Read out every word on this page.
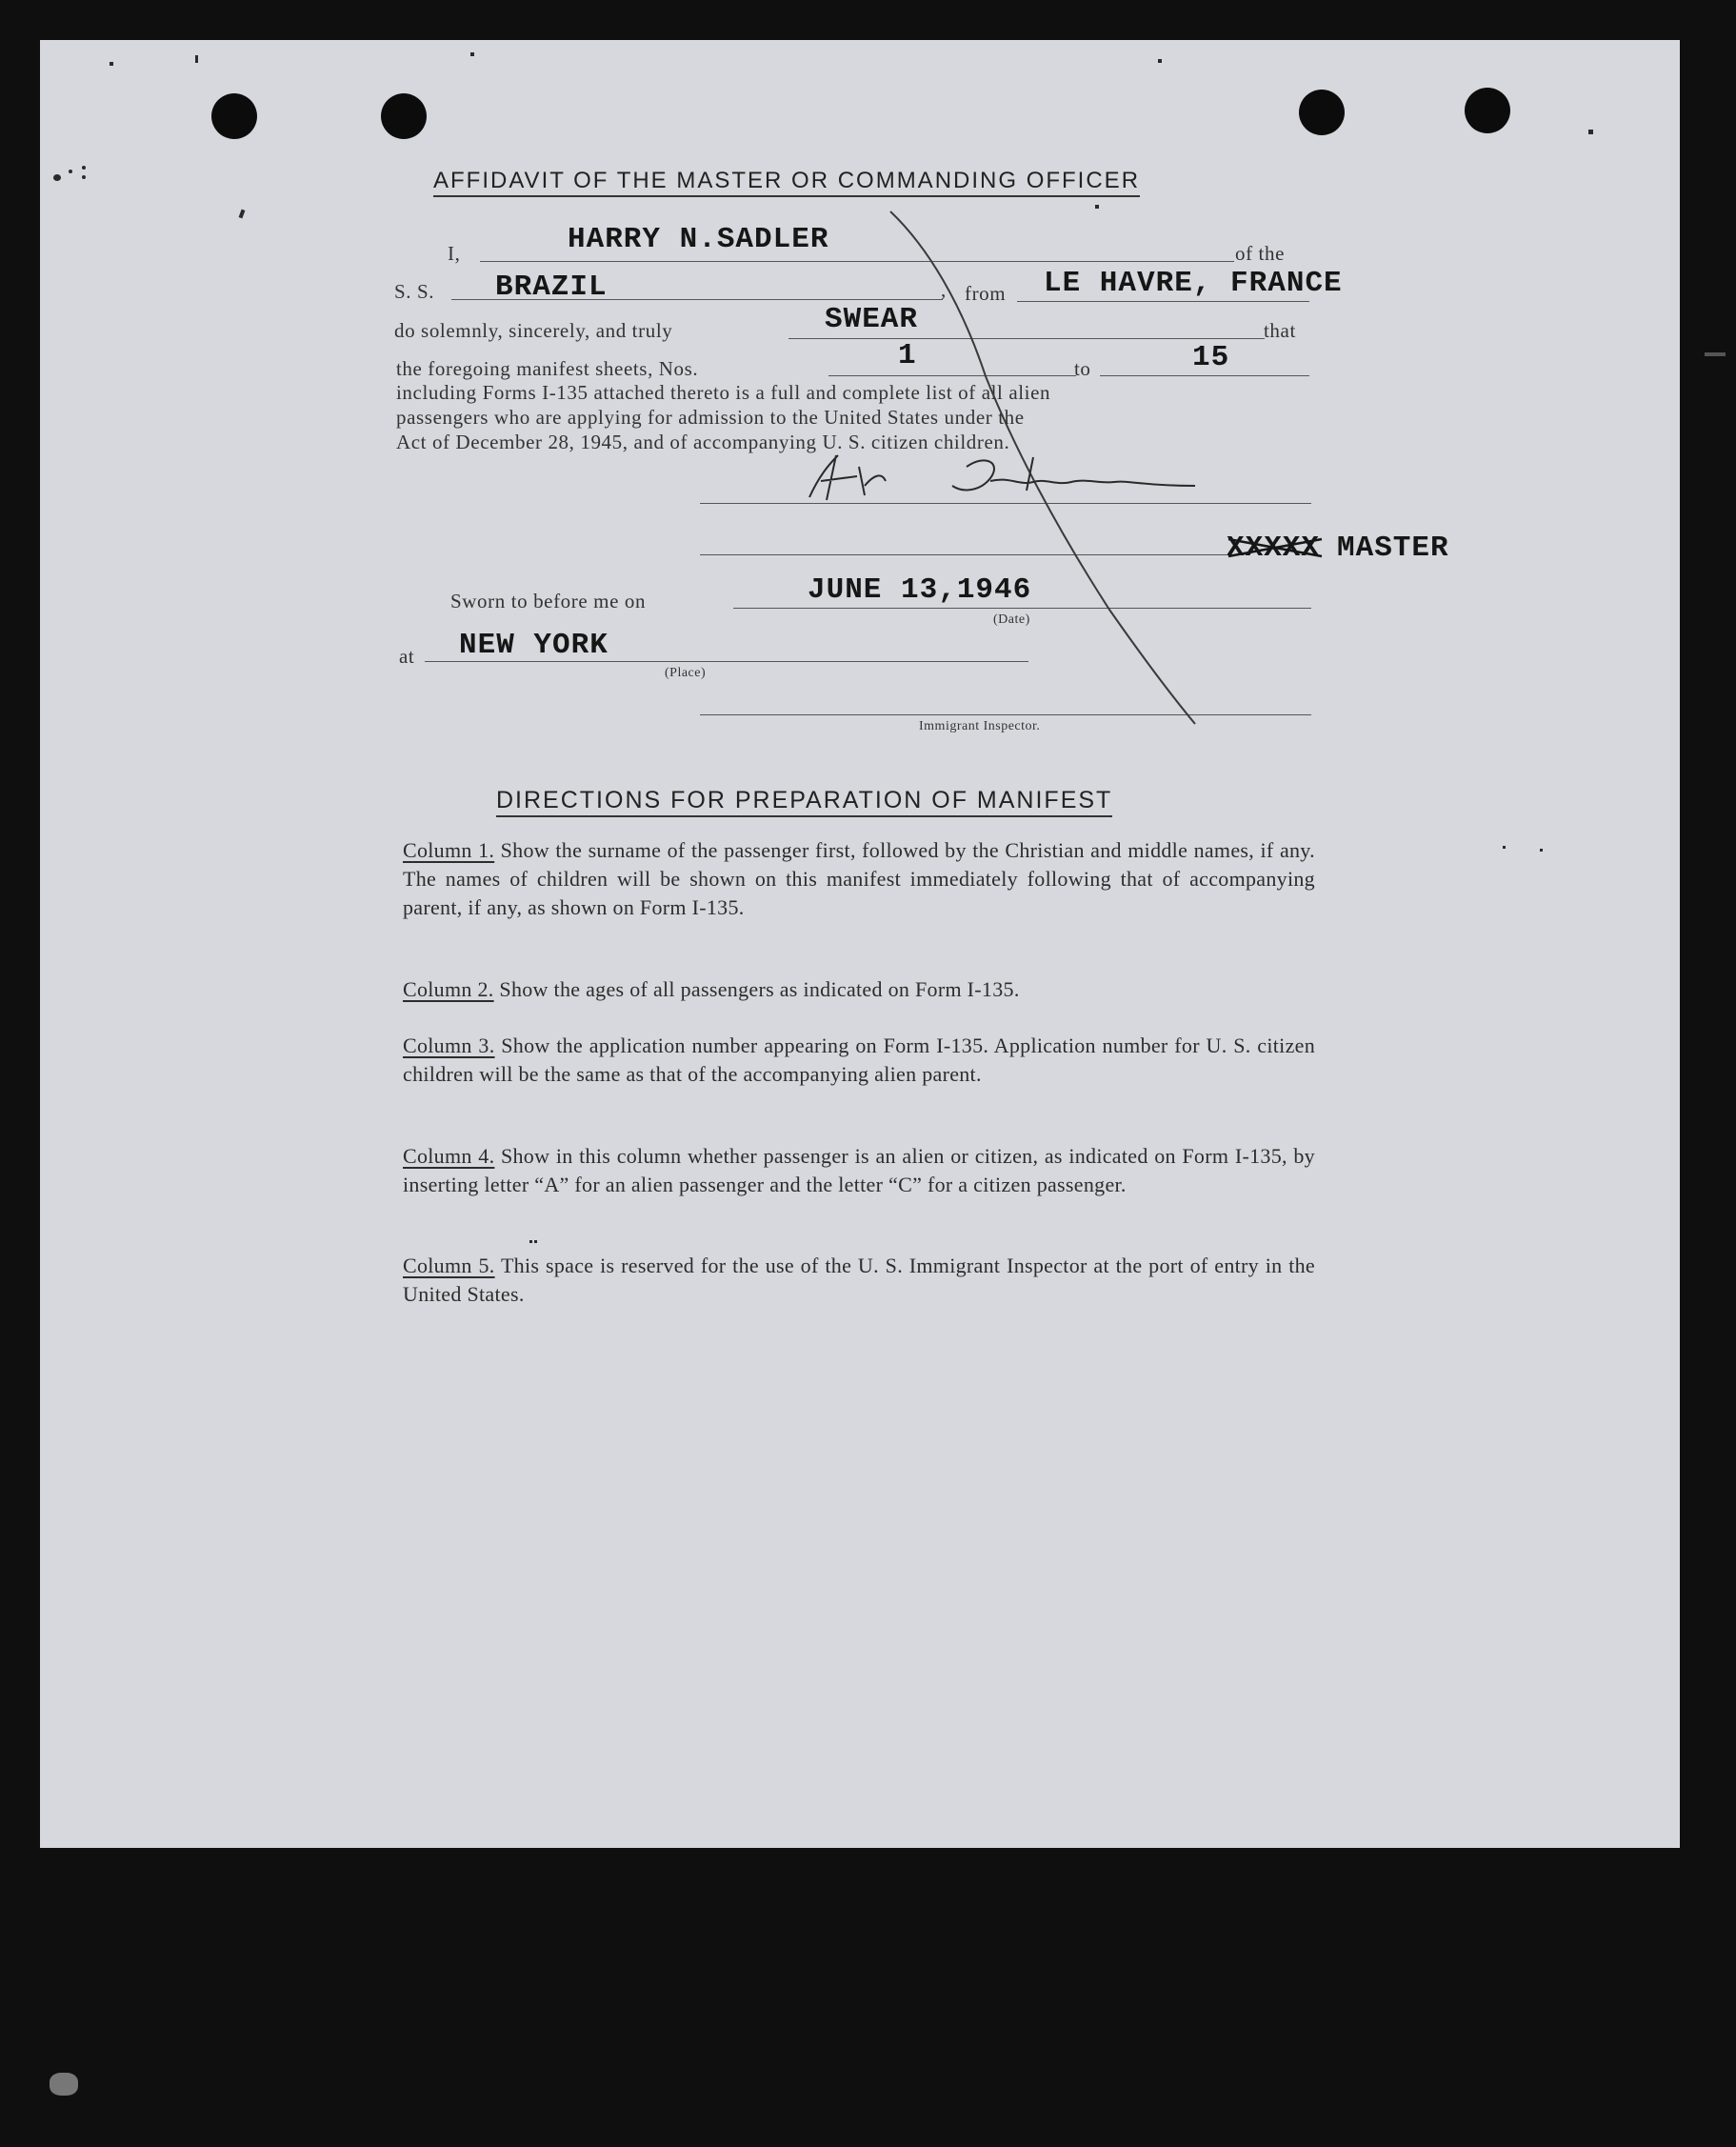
AFFIDAVIT OF THE MASTER OR COMMANDING OFFICER
I,	HARRY N.SADLER	of the
S. S.	,
BRAZIL	from LE HAVRE, FRANCE
do solemnly, sincerely, and truly	SWEAR	that
the foregoing manifest sheets, Nos.	1	to	15
including Forms I-135 attached thereto is a full and complete list of all alien
passengers who are applying for admission to the United States under the
Act of December 28, 1945, and of accompanying U. S. citizen children.
XXXXX MASTER
Sworn to before me on	JUNE 13,1946
(Date)
at NEW YORK
(Place)
Immigrant Inspector.
DIRECTIONS FOR PREPARATION OF MANIFEST
Column 1. Show the surname of the passenger first, followed by the Christian and middle names, if any. The names of children will be shown on this manifest immediately following that of accompanying parent, if any, as shown on Form I-135.
Column 2. Show the ages of all passengers as indicated on Form I-135.
Column 3. Show the application number appearing on Form I-135. Application number for U. S. citizen children will be the same as that of the accompanying alien parent.
Column 4. Show in this column whether passenger is an alien or citizen, as indicated on Form I-135, by inserting letter “A” for an alien passenger and the letter “C” for a citizen passenger.
Column 5. This space is reserved for the use of the U. S. Immigrant Inspector at the port of entry in the United States.
